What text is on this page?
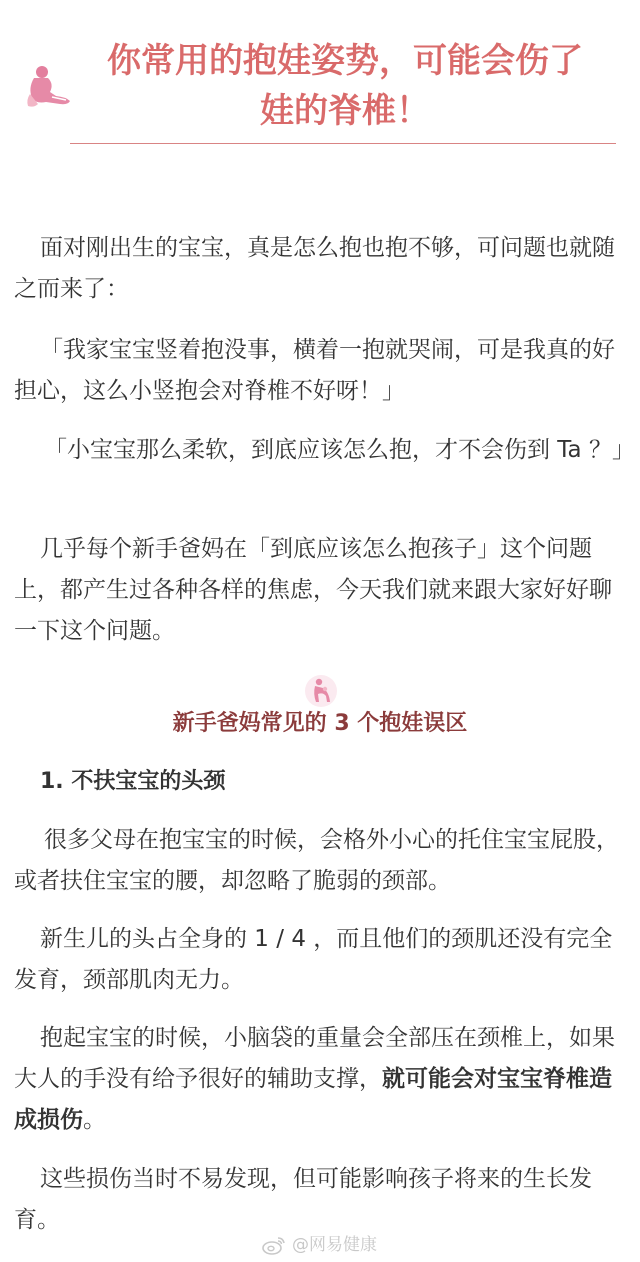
你常用的抱娃姿势，可能会伤了
娃的脊椎！

面对刚出生的宝宝，真是怎么抱也抱不够，可问题也就随之而来了：

「我家宝宝竖着抱没事，横着一抱就哭闹，可是我真的好担心，这么小竖抱会对脊椎不好呀！」

「小宝宝那么柔软，到底应该怎么抱，才不会伤到 Ta ？」

几乎每个新手爸妈在「到底应该怎么抱孩子」这个问题上，都产生过各种各样的焦虑，今天我们就来跟大家好好聊一下这个问题。

新手爸妈常见的 3 个抱娃误区
1. 不扶宝宝的头颈

很多父母在抱宝宝的时候，会格外小心的托住宝宝屁股，或者扶住宝宝的腰，却忽略了脆弱的颈部。

新生儿的头占全身的 1 / 4 ，而且他们的颈肌还没有完全发育，颈部肌肉无力。

抱起宝宝的时候，小脑袋的重量会全部压在颈椎上，如果大人的手没有给予很好的辅助支撑，就可能会对宝宝脊椎造成损伤。

这些损伤当时不易发现，但可能影响孩子将来的生长发育。

@网易健康
